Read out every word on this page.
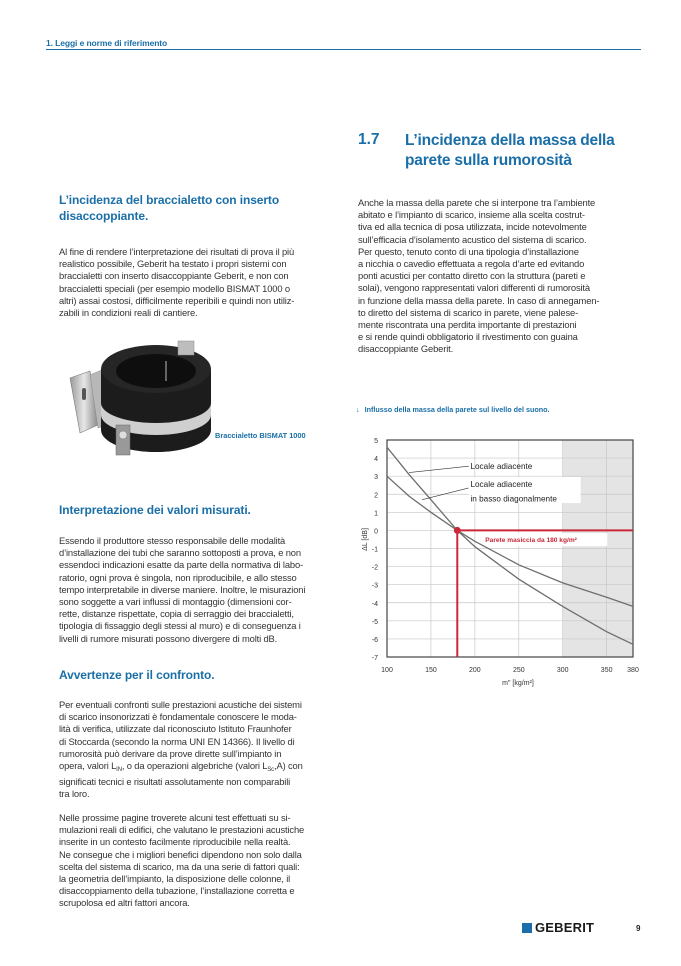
1. Leggi e norme di riferimento
1.7 L’incidenza della massa della
parete sulla rumorosità
Anche la massa della parete che si interpone tra l’ambiente
abitato e l’impianto di scarico, insieme alla scelta costrut-
tiva ed alla tecnica di posa utilizzata, incide notevolmente
sull’efficacia d’isolamento acustico del sistema di scarico.
Per questo, tenuto conto di una tipologia d’installazione
a nicchia o cavedio effettuata a regola d’arte ed evitando
ponti acustici per contatto diretto con la struttura (pareti e
solai), vengono rappresentati valori differenti di rumorosità
in funzione della massa della parete. In caso di annegamen-
to diretto del sistema di scarico in parete, viene palese-
mente riscontrata una perdita importante di prestazioni
e si rende quindi obbligatorio il rivestimento con guaina
disaccoppiante Geberit.
L’incidenza del braccialetto con inserto
disaccoppiante.
Al fine di rendere l’interpretazione dei risultati di prova il più
realistico possibile, Geberit ha testato i propri sistemi con
braccialetti con inserto disaccoppiante Geberit, e non con
braccialetti speciali (per esempio modello BISMAT 1000 o
altri) assai costosi, difficilmente reperibili e quindi non utiliz-
zabili in condizioni reali di cantiere.
Braccialetto BISMAT 1000
Interpretazione dei valori misurati.
Essendo il produttore stesso responsabile delle modalità
d’installazione dei tubi che saranno sottoposti a prova, e non
essendoci indicazioni esatte da parte della normativa di labo-
ratorio, ogni prova è singola, non riproducibile, e allo stesso
tempo interpretabile in diverse maniere. Inoltre, le misurazioni
sono soggette a vari influssi di montaggio (dimensioni cor-
rette, distanze rispettate, copia di serraggio dei braccialetti,
tipologia di fissaggio degli stessi al muro) e di conseguenza i
livelli di rumore misurati possono divergere di molti dB.
Avvertenze per il confronto.
Per eventuali confronti sulle prestazioni acustiche dei sistemi
di scarico insonorizzati è fondamentale conoscere le moda-
lità di verifica, utilizzate dal riconosciuto Istituto Fraunhofer
di Stoccarda (secondo la norma UNI EN 14366). Il livello di
rumorosità può derivare da prove dirette sull’impianto in
opera, valori $L_{IN}$, o da operazioni algebriche (valori $L_{Sc},A$) con
significati tecnici e risultati assolutamente non comparabili
tra loro.
Nelle prossime pagine troverete alcuni test effettuati su si-
mulazioni reali di edifici, che valutano le prestazioni acustiche
inserite in un contesto facilmente riproducibile nella realtà.
Ne consegue che i migliori benefici dipendono non solo dalla
scelta del sistema di scarico, ma da una serie di fattori quali:
la geometria dell’impianto, la disposizione delle colonne, il
disaccoppiamento della tubazione, l’installazione corretta e
scrupolosa ed altri fattori ancora.
↓ Influsso della massa della parete sul livello del suono.
5
4
3
2
1
0
-1
-2
-3
-4
-5
-6
-7
100	150	200	250	300	350 380
m" [kg/m²]
ΔL [dB]	Parete masiccia da 180 kg/m²
Locale adiacente
Locale adiacente
in basso diagonalmente
GEBERIT	9
